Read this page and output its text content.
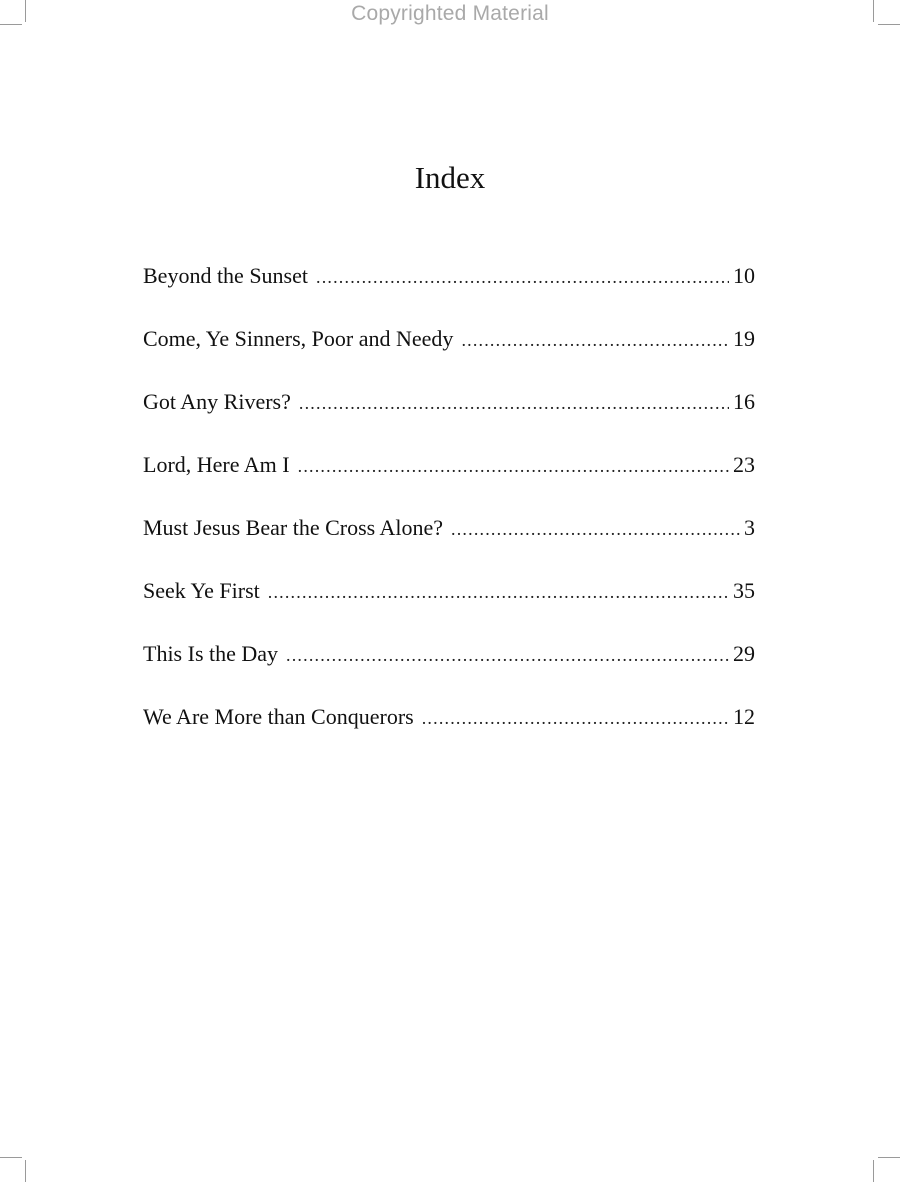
Copyrighted Material
Index
Beyond the Sunset .....	10
Come, Ye Sinners, Poor and Needy .....	19
Got Any Rivers? .....	16
Lord, Here Am I .....	23
Must Jesus Bear the Cross Alone? .....	3
Seek Ye First .....	35
This Is the Day .....	29
We Are More than Conquerors .....	12
